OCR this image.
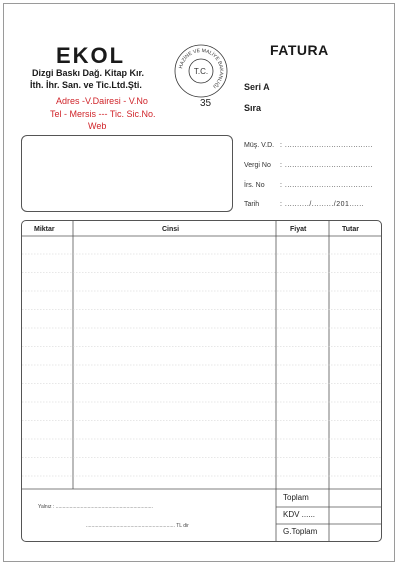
EKOL
Dizgi Baskı Dağ. Kitap Kır.
İth. İhr. San. ve Tic.Ltd.Şti.
Adres -V.Dairesi - V.No
Tel - Mersis --- Tic. Sic.No.
Web
HAZİNE VE MALİYE BAKANLIĞI
T.C.
35
FATURA
Seri A
Sıra
Müş. V.D. : ....................................
Vergi No : ....................................
İrs. No : ....................................
Tarih	: ........../........./201......
Miktar	Cinsi	Fiyat	Tutar
Yalnız : ......................................................................
................................................................ TL dir
Toplam
KDV ......
G.Toplam
